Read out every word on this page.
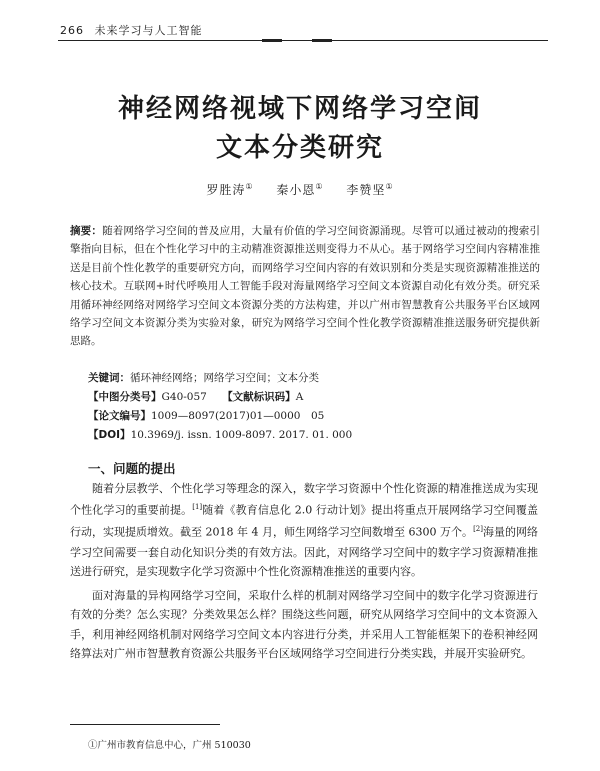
266 未来学习与人工智能
神经网络视域下网络学习空间
文本分类研究
罗胜涛① 秦小恩① 李赞坚①
摘要：随着网络学习空间的普及应用，大量有价值的学习空间资源涌现。尽管可以通过被动的搜索引擎指向目标，但在个性化学习中的主动精准资源推送则变得力不从心。基于网络学习空间内容精准推送是目前个性化教学的重要研究方向，而网络学习空间内容的有效识别和分类是实现资源精准推送的核心技术。互联网+时代呼唤用人工智能手段对海量网络学习空间文本资源自动化有效分类。研究采用循环神经网络对网络学习空间文本资源分类的方法构建，并以广州市智慧教育公共服务平台区域网络学习空间文本资源分类为实验对象，研究为网络学习空间个性化教学资源精准推送服务研究提供新思路。
关键词：循环神经网络；网络学习空间；文本分类
【中图分类号】G40-057 【文献标识码】A
【论文编号】1009—8097(2017)01—0000　05
【DOI】10.3969/j. issn. 1009-8097. 2017. 01. 000
一、问题的提出
随着分层教学、个性化学习等理念的深入，数字学习资源中个性化资源的精准推送成为实现个性化学习的重要前提。[1]随着《教育信息化 2.0 行动计划》提出将重点开展网络学习空间覆盖行动，实现提质增效。截至 2018 年 4 月，师生网络学习空间数增至 6300 万个。[2]海量的网络学习空间需要一套自动化知识分类的有效方法。因此，对网络学习空间中的数字学习资源精准推送进行研究，是实现数字化学习资源中个性化资源精准推送的重要内容。
面对海量的异构网络学习空间，采取什么样的机制对网络学习空间中的数字化学习资源进行有效的分类？怎么实现？分类效果怎么样？围绕这些问题，研究从网络学习空间中的文本资源入手，利用神经网络机制对网络学习空间文本内容进行分类，并采用人工智能框架下的卷积神经网络算法对广州市智慧教育资源公共服务平台区域网络学习空间进行分类实践，并展开实验研究。
①广州市教育信息中心，广州 510030
